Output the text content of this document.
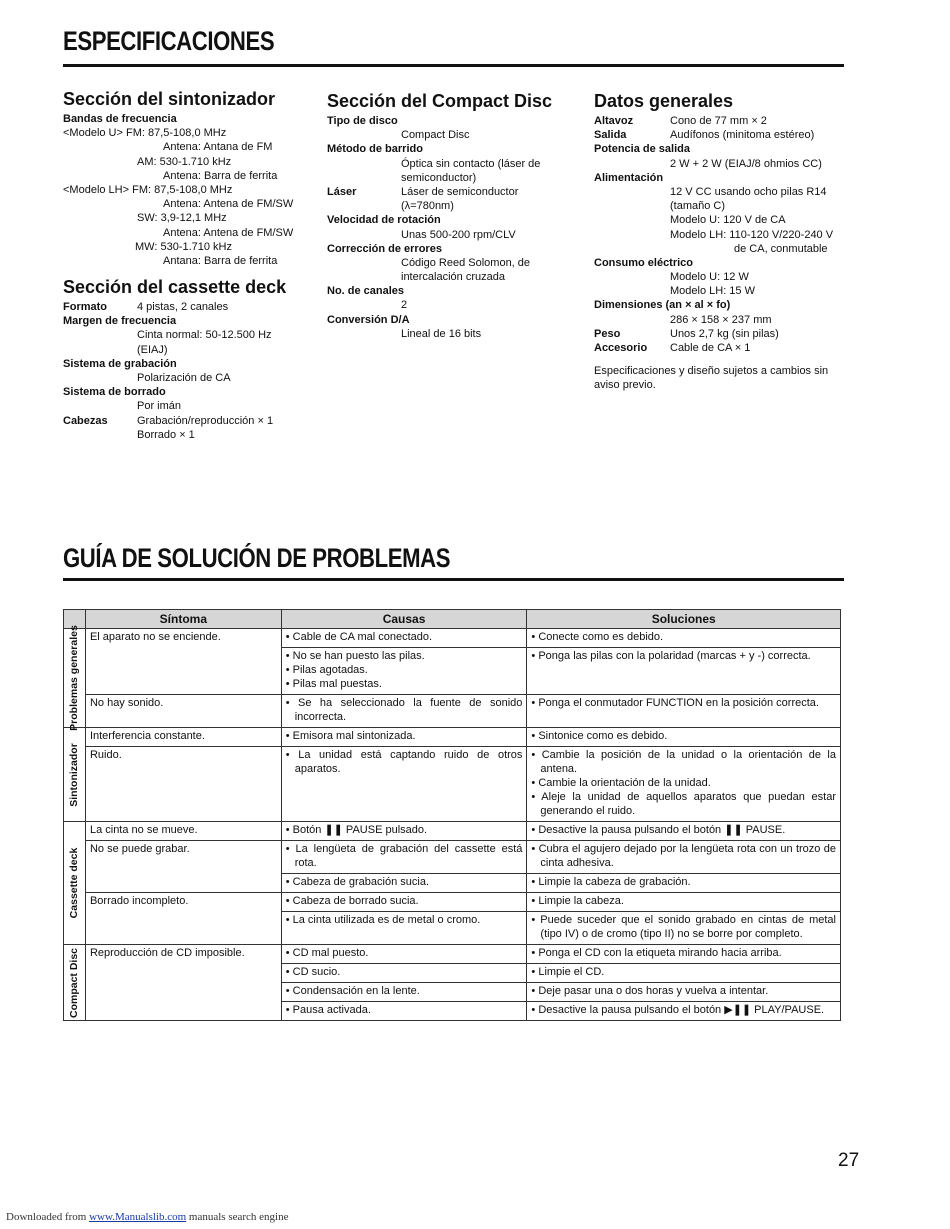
ESPECIFICACIONES
Sección del sintonizador
Bandas de frecuencia
<Modelo U> FM: 87,5-108,0 MHz
Antena: Antana de FM
AM: 530-1.710 kHz
Antena: Barra de ferrita
<Modelo LH> FM: 87,5-108,0 MHz
Antena: Antena de FM/SW
SW: 3,9-12,1 MHz
Antena: Antena de FM/SW
MW: 530-1.710 kHz
Antana: Barra de ferrita
Sección del cassette deck
Formato	4 pistas, 2 canales
Margen de frecuencia
Cinta normal: 50-12.500 Hz
(EIAJ)
Sistema de grabación
Polarización de CA
Sistema de borrado
Por imán
Cabezas	Grabación/reproducción × 1
Borrado × 1
Sección del Compact Disc
Tipo de disco
Compact Disc
Método de barrido
Óptica sin contacto (láser de
semiconductor)
Láser	Láser de semiconductor
(λ=780nm)
Velocidad de rotación
Unas 500-200 rpm/CLV
Corrección de errores
Código Reed Solomon, de
intercalación cruzada
No. de canales
2
Conversión D/A
Lineal de 16 bits
Datos generales
Altavoz	Cono de 77 mm × 2
Salida	Audífonos (minitoma estéreo)
Potencia de salida
2 W + 2 W (EIAJ/8 ohmios CC)
Alimentación
12 V CC usando ocho pilas R14
(tamaño C)
Modelo U: 120 V de CA
Modelo LH: 110-120 V/220-240 V
de CA, conmutable
Consumo eléctrico
Modelo U: 12 W
Modelo LH: 15 W
Dimensiones (an × al × fo)
286 × 158 × 237 mm
Peso	Unos 2,7 kg (sin pilas)
Accesorio Cable de CA × 1
Especificaciones y diseño sujetos a cambios sin aviso previo.
GUÍA DE SOLUCIÓN DE PROBLEMAS
	Síntoma	Causas	Soluciones

Problemas generales	El aparato no se enciende.	• Cable de CA mal conectado.	• Conecte como es debido.

		• No se han puesto las pilas.
• Pilas agotadas.
• Pilas mal puestas.	• Ponga las pilas con la polaridad (marcas + y -) correcta.

	No hay sonido.	• Se ha seleccionado la fuente de sonido incorrecta.	• Ponga el conmutador FUNCTION en la posición correcta.

Sintonizador	Interferencia constante.	• Emisora mal sintonizada.	• Sintonice como es debido.

	Ruido.	• La unidad está captando ruido de otros aparatos.	• Cambie la posición de la unidad o la orientación de la antena.
• Cambie la orientación de la unidad.
• Aleje la unidad de aquellos aparatos que puedan estar generando el ruido.

Cassette deck	La cinta no se mueve.	• Botón ❚❚ PAUSE pulsado.	• Desactive la pausa pulsando el botón ❚❚ PAUSE.

	No se puede grabar.	• La lengüeta de grabación del cassette está rota.	• Cubra el agujero dejado por la lengüeta rota con un trozo de cinta adhesiva.

		• Cabeza de grabación sucia.	• Limpie la cabeza de grabación.

	Borrado incompleto.	• Cabeza de borrado sucia.	• Limpie la cabeza.

		• La cinta utilizada es de metal o cromo.	• Puede suceder que el sonido grabado en cintas de metal (tipo IV) o de cromo (tipo II) no se borre por completo.

Compact Disc	Reproducción de CD imposible.	• CD mal puesto.	• Ponga el CD con la etiqueta mirando hacia arriba.

		• CD sucio.	• Limpie el CD.

		• Condensación en la lente.	• Deje pasar una o dos horas y vuelva a intentar.

		• Pausa activada.	• Desactive la pausa pulsando el botón ▶❚❚ PLAY/PAUSE.
27
Downloaded from www.Manualslib.com manuals search engine
